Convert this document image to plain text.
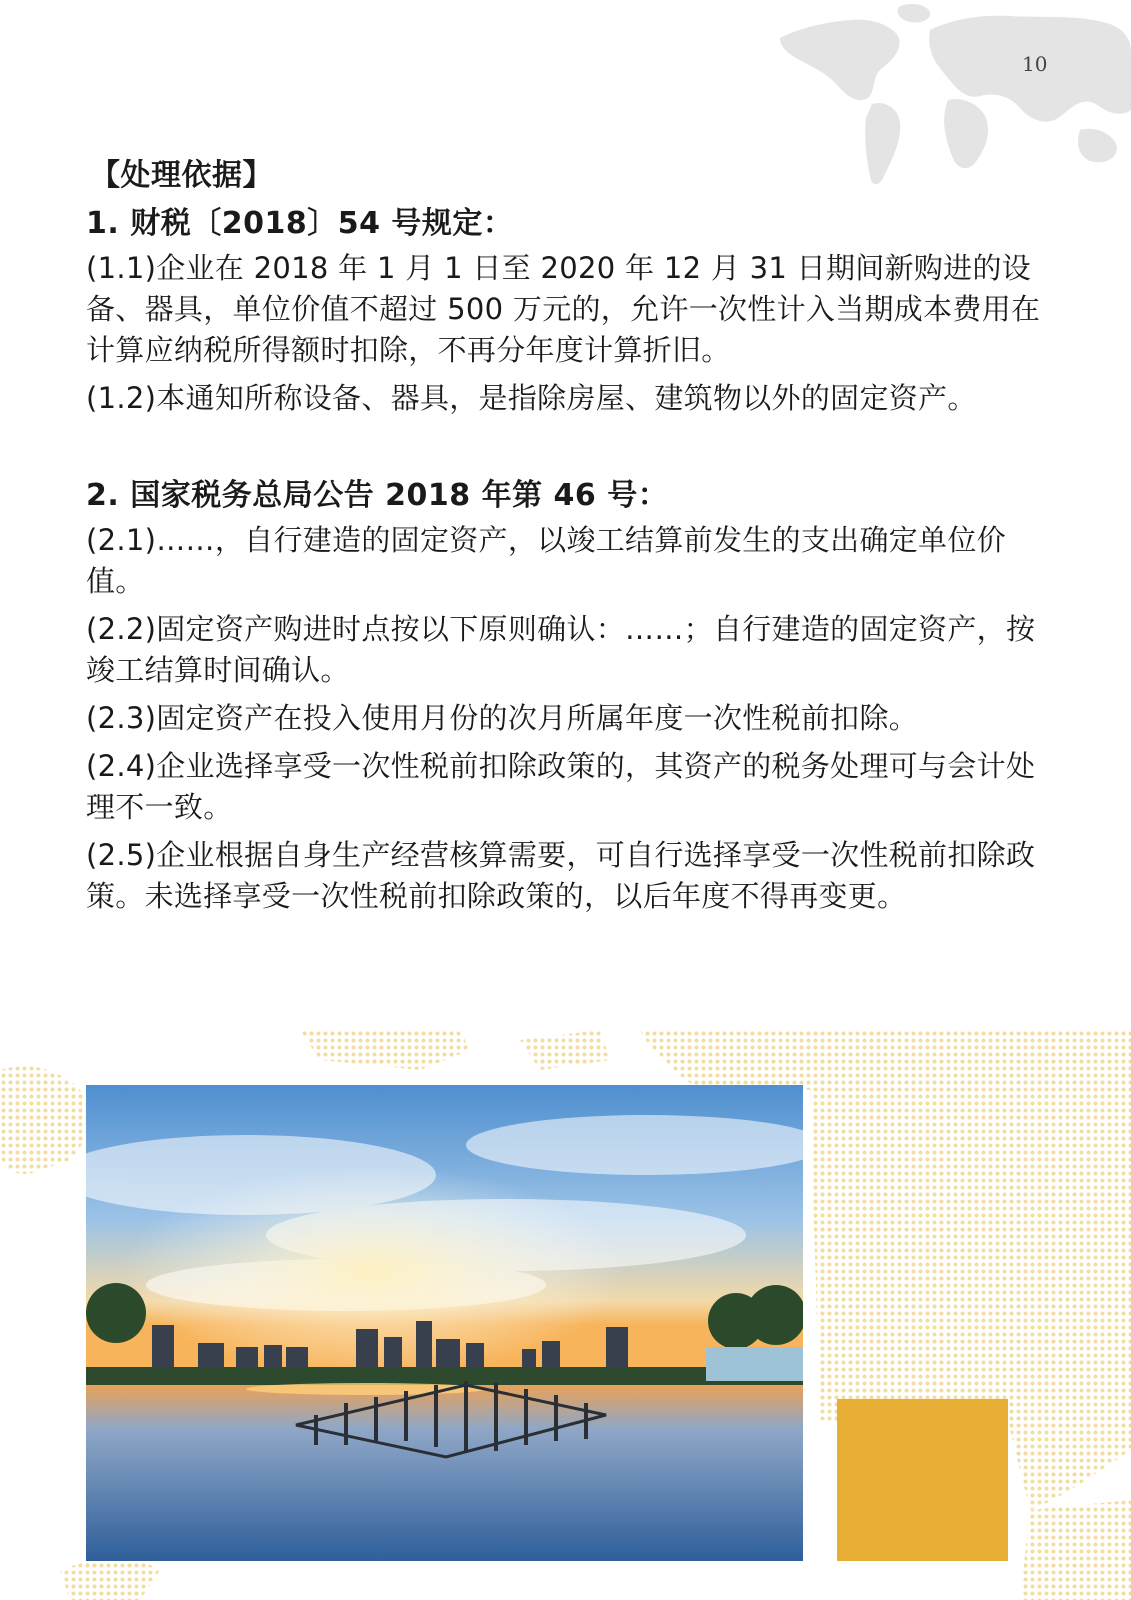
10
【处理依据】
1. 财税〔2018〕54 号规定：

(1.1)企业在 2018 年 1 月 1 日至 2020 年 12 月 31 日期间新购进的设备、器具，单位价值不超过 500 万元的，允许一次性计入当期成本费用在计算应纳税所得额时扣除，不再分年度计算折旧。

(1.2)本通知所称设备、器具，是指除房屋、建筑物以外的固定资产。

2. 国家税务总局公告 2018 年第 46 号：

(2.1)……，自行建造的固定资产，以竣工结算前发生的支出确定单位价值。

(2.2)固定资产购进时点按以下原则确认：……；自行建造的固定资产，按竣工结算时间确认。

(2.3)固定资产在投入使用月份的次月所属年度一次性税前扣除。

(2.4)企业选择享受一次性税前扣除政策的，其资产的税务处理可与会计处理不一致。

(2.5)企业根据自身生产经营核算需要，可自行选择享受一次性税前扣除政策。未选择享受一次性税前扣除政策的，以后年度不得再变更。
